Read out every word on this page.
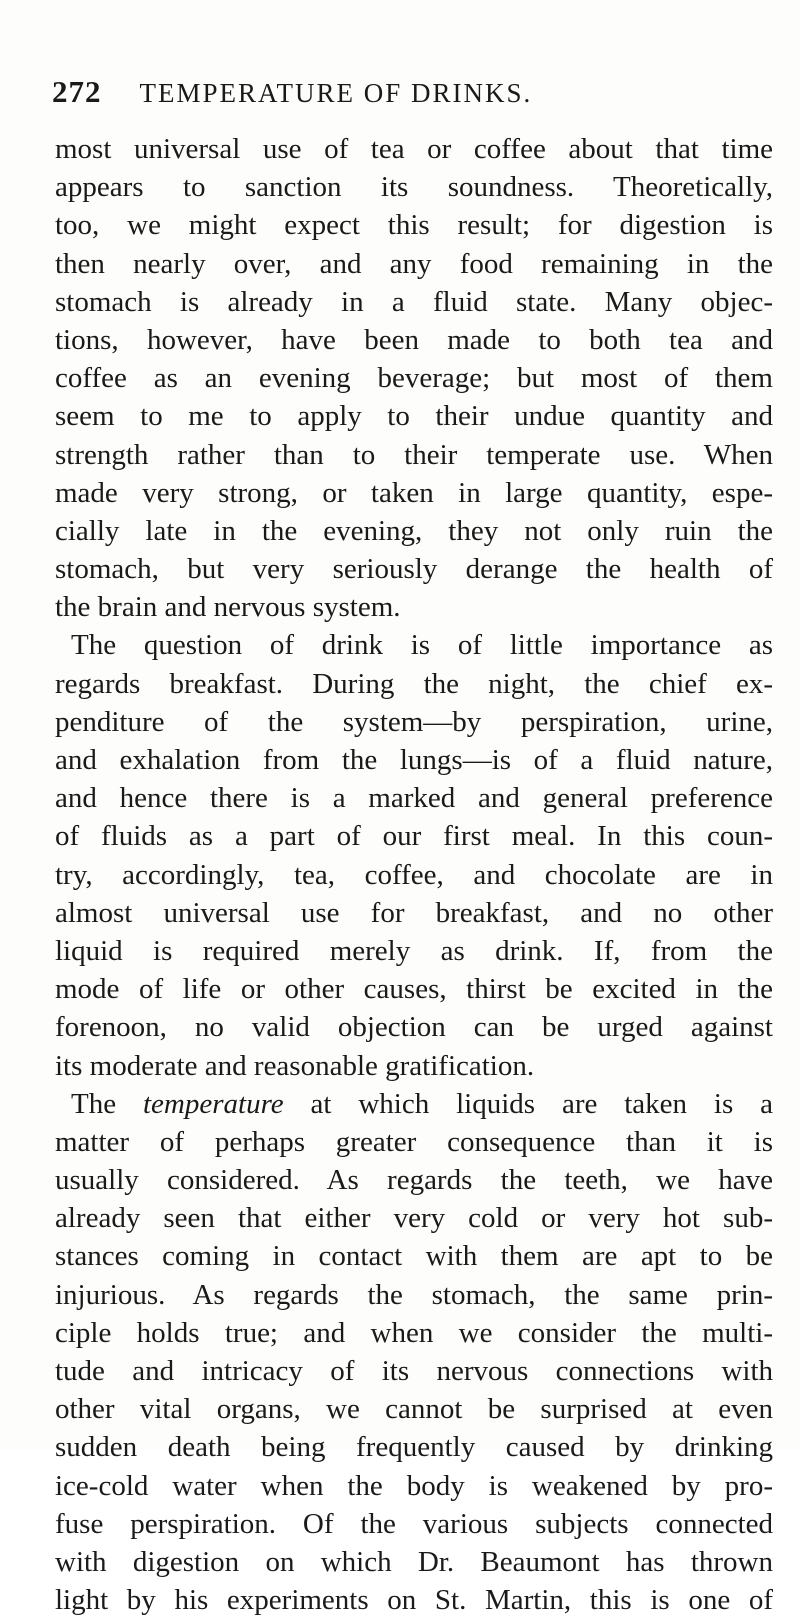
272 TEMPERATURE OF DRINKS.
most universal use of tea or coffee about that time
appears to sanction its soundness. Theoretically,
too, we might expect this result; for digestion is
then nearly over, and any food remaining in the
stomach is already in a fluid state. Many objec-
tions, however, have been made to both tea and
coffee as an evening beverage; but most of them
seem to me to apply to their undue quantity and
strength rather than to their temperate use. When
made very strong, or taken in large quantity, espe-
cially late in the evening, they not only ruin the
stomach, but very seriously derange the health of
the brain and nervous system.
The question of drink is of little importance as
regards breakfast. During the night, the chief ex-
penditure of the system—by perspiration, urine,
and exhalation from the lungs—is of a fluid nature,
and hence there is a marked and general preference
of fluids as a part of our first meal. In this coun-
try, accordingly, tea, coffee, and chocolate are in
almost universal use for breakfast, and no other
liquid is required merely as drink. If, from the
mode of life or other causes, thirst be excited in the
forenoon, no valid objection can be urged against
its moderate and reasonable gratification.
The temperature at which liquids are taken is a
matter of perhaps greater consequence than it is
usually considered. As regards the teeth, we have
already seen that either very cold or very hot sub-
stances coming in contact with them are apt to be
injurious. As regards the stomach, the same prin-
ciple holds true; and when we consider the multi-
tude and intricacy of its nervous connections with
other vital organs, we cannot be surprised at even
sudden death being frequently caused by drinking
ice-cold water when the body is weakened by pro-
fuse perspiration. Of the various subjects connected
with digestion on which Dr. Beaumont has thrown
light by his experiments on St. Martin, this is one of
